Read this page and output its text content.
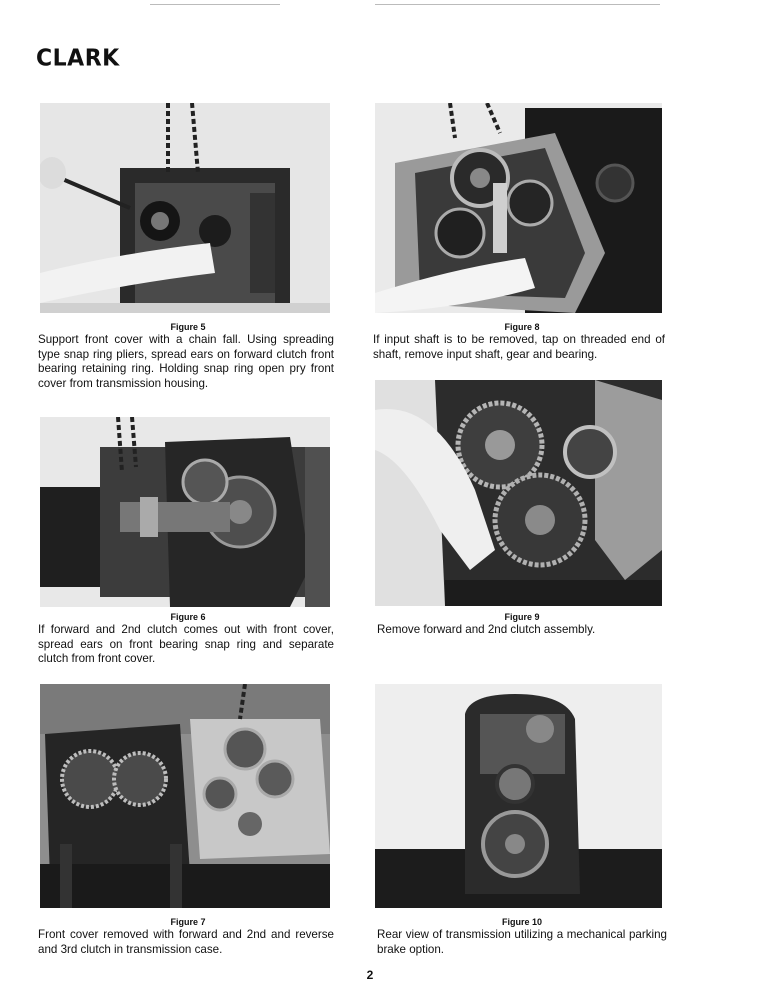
CLARK
Figure 5
Support front cover with a chain fall. Using spreading type snap ring pliers, spread ears on forward clutch front bearing retaining ring. Holding snap ring open pry front cover from transmission housing.
Figure 8
If input shaft is to be removed, tap on threaded end of shaft, remove input shaft, gear and bearing.
Figure 6
If forward and 2nd clutch comes out with front cover, spread ears on front bearing snap ring and separate clutch from front cover.
Figure 9
Remove forward and 2nd clutch assembly.
Figure 7
Front cover removed with forward and 2nd and reverse and 3rd clutch in transmission case.
Figure 10
Rear view of transmission utilizing a mechanical parking brake option.
2
